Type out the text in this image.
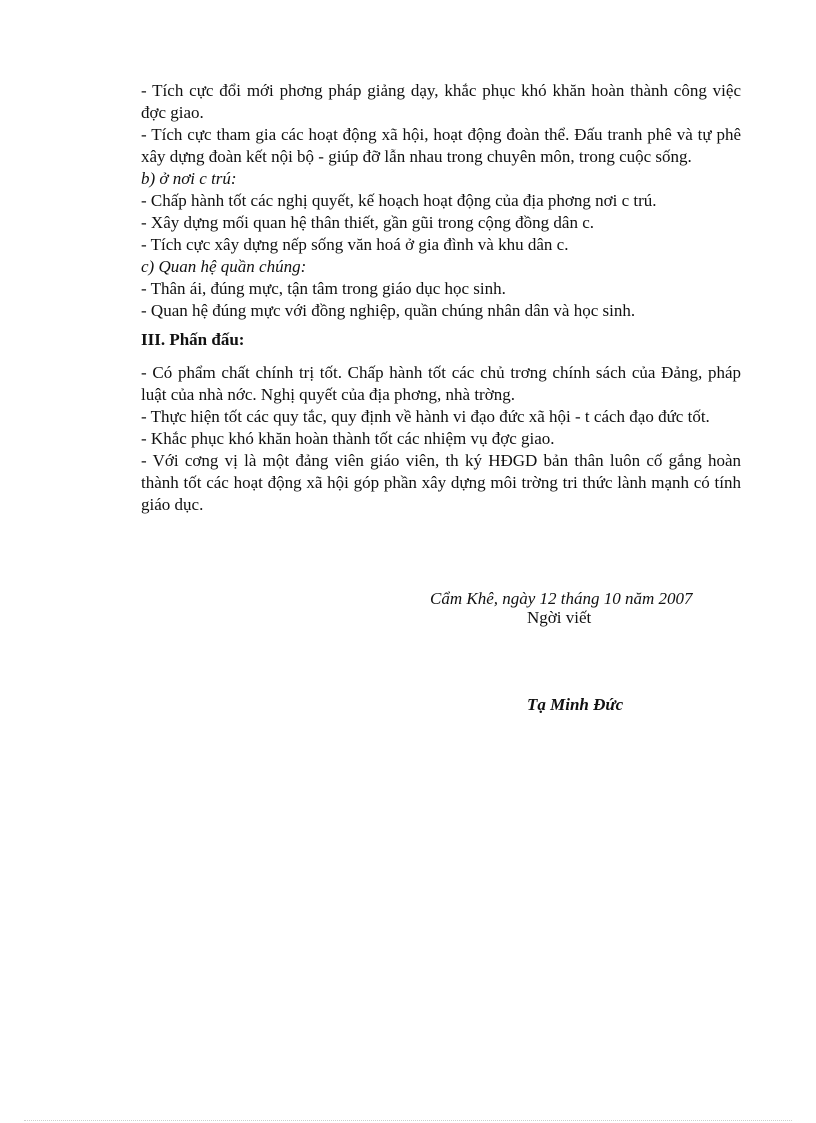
- Tích cực đổi mới phơng pháp giảng dạy, khắc phục khó khăn hoàn thành công việc đợc giao.

- Tích cực tham gia các hoạt động xã hội, hoạt động đoàn thể. Đấu tranh phê và tự phê xây dựng đoàn kết nội bộ - giúp đỡ lẫn nhau trong chuyên môn, trong cuộc sống.

b) ở nơi c trú:

- Chấp hành tốt các nghị quyết, kế hoạch hoạt động của địa phơng nơi c trú.

- Xây dựng mối quan hệ thân thiết, gần gũi trong cộng đồng dân c.

- Tích cực xây dựng nếp sống văn hoá ở gia đình và khu dân c.

c) Quan hệ quần chúng:

- Thân ái, đúng mực, tận tâm trong giáo dục học sinh.

- Quan hệ đúng mực với đồng nghiệp, quần chúng nhân dân và học sinh.

III. Phấn đấu:

- Có phẩm chất chính trị tốt. Chấp hành tốt các chủ trơng chính sách của Đảng, pháp luật của nhà nớc. Nghị quyết của địa phơng, nhà trờng.

- Thực hiện tốt các quy tắc, quy định về hành vi đạo đức xã hội - t cách đạo đức tốt.

- Khắc phục khó khăn hoàn thành tốt các nhiệm vụ đợc giao.

- Với cơng vị là một đảng viên giáo viên, th ký HĐGD bản thân luôn cố gắng hoàn thành tốt các hoạt động xã hội góp phần xây dựng môi trờng tri thức lành mạnh có tính giáo dục.

Cẩm Khê, ngày 12 tháng 10 năm 2007
Ngời viết
Tạ Minh Đức
